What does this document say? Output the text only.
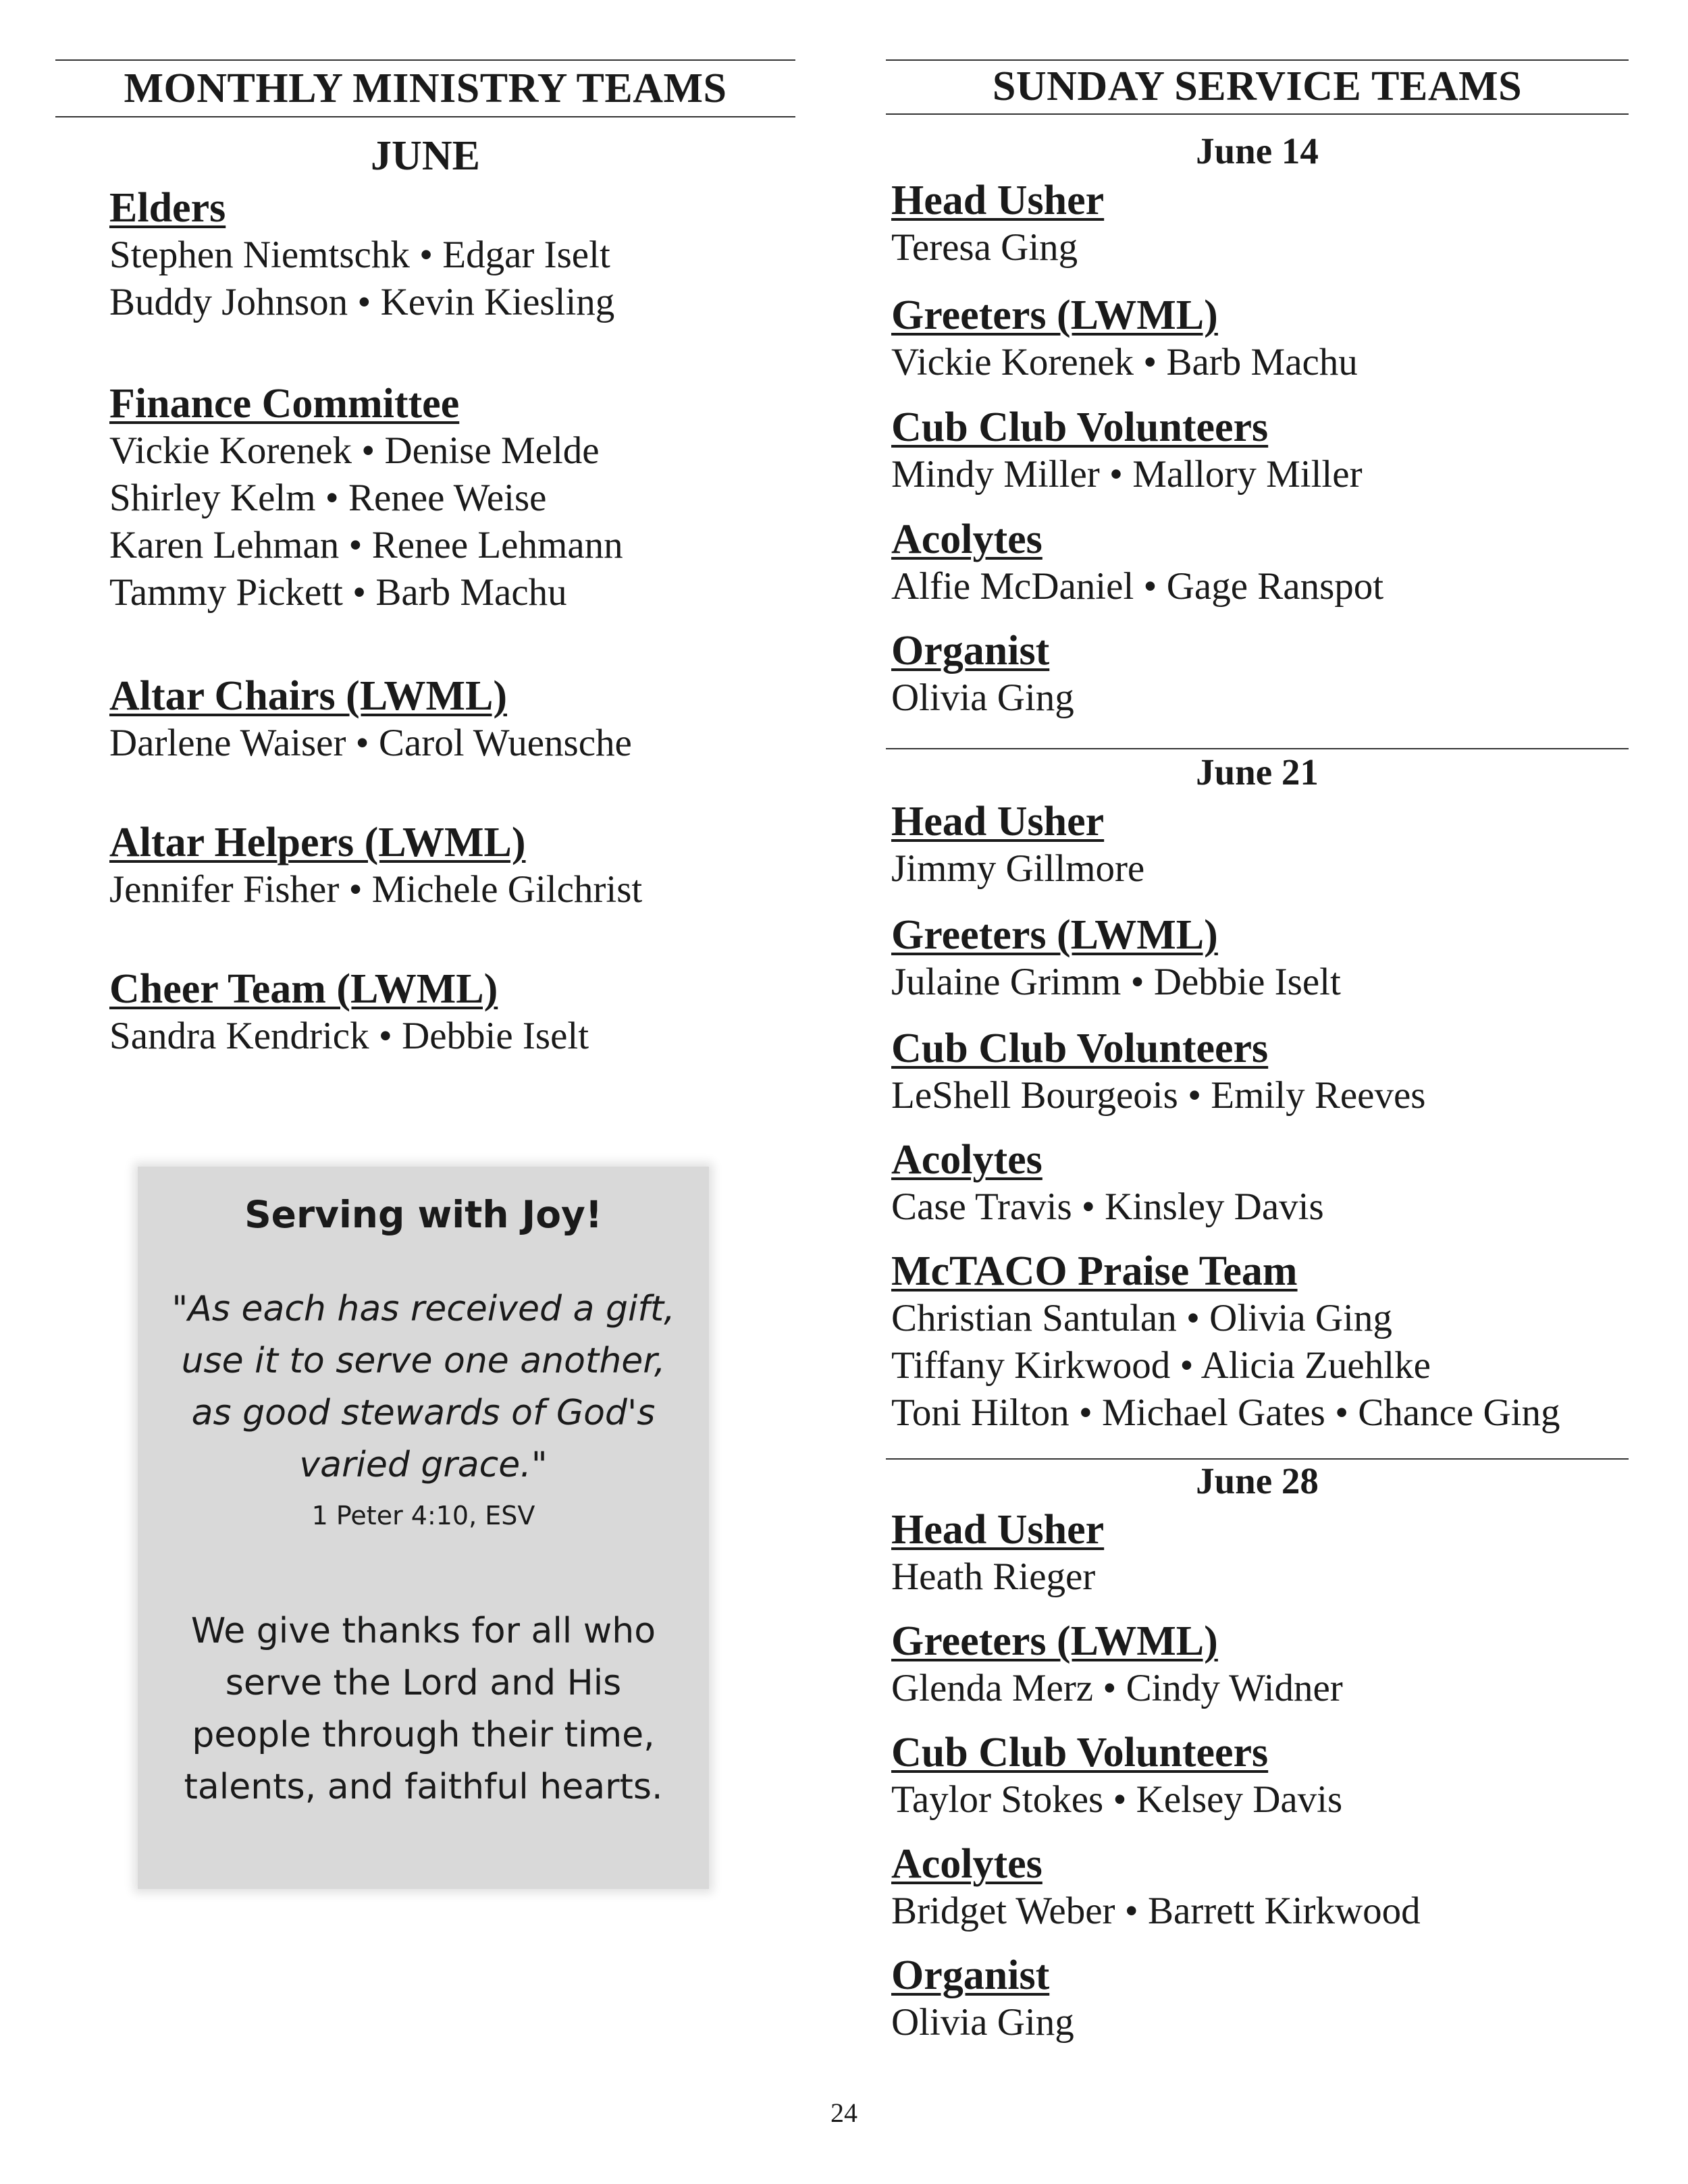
MONTHLY MINISTRY TEAMS
JUNE
Elders
Stephen Niemtschk • Edgar Iselt
Buddy Johnson • Kevin Kiesling
Finance Committee
Vickie Korenek • Denise Melde
Shirley Kelm • Renee Weise
Karen Lehman • Renee Lehmann
Tammy Pickett • Barb Machu
Altar Chairs (LWML)
Darlene Waiser • Carol Wuensche
Altar Helpers (LWML)
Jennifer Fisher • Michele Gilchrist
Cheer Team (LWML)
Sandra Kendrick • Debbie Iselt
Serving with Joy!
"As each has received a gift,
use it to serve one another,
as good stewards of God's
varied grace."
1 Peter 4:10, ESV
We give thanks for all who
serve the Lord and His
people through their time,
talents, and faithful hearts.
SUNDAY SERVICE TEAMS
June 14
Head Usher
Teresa Ging
Greeters (LWML)
Vickie Korenek • Barb Machu
Cub Club Volunteers
Mindy Miller • Mallory Miller
Acolytes
Alfie McDaniel • Gage Ranspot
Organist
Olivia Ging
June 21
Head Usher
Jimmy Gillmore
Greeters (LWML)
Julaine Grimm • Debbie Iselt
Cub Club Volunteers
LeShell Bourgeois • Emily Reeves
Acolytes
Case Travis • Kinsley Davis
McTACO Praise Team
Christian Santulan • Olivia Ging
Tiffany Kirkwood • Alicia Zuehlke
Toni Hilton • Michael Gates • Chance Ging
June 28
Head Usher
Heath Rieger
Greeters (LWML)
Glenda Merz • Cindy Widner
Cub Club Volunteers
Taylor Stokes • Kelsey Davis
Acolytes
Bridget Weber • Barrett Kirkwood
Organist
Olivia Ging
24
